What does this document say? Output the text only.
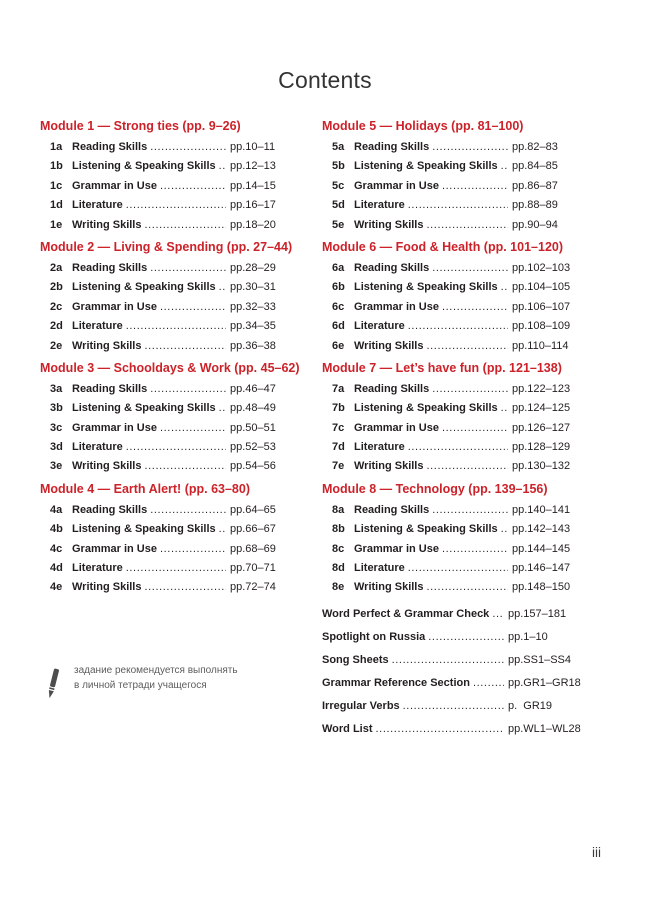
Contents
Module 1 — Strong ties (pp. 9–26)
1a Reading Skills .....	pp.10–11
1b Listening & Speaking Skills ..... pp.12–13
1c Grammar in Use .....	pp.14–15
1d Literature .....	pp.16–17
1e Writing Skills .....	pp.18–20
Module 2 — Living & Spending (pp. 27–44)
2a Reading Skills .....	pp.28–29
2b Listening & Speaking Skills ..... pp.30–31
2c Grammar in Use .....	pp.32–33
2d Literature .....	pp.34–35
2e Writing Skills .....	pp.36–38
Module 3 — Schooldays & Work (pp. 45–62)
3a Reading Skills .....	pp.46–47
3b Listening & Speaking Skills ..... pp.48–49
3c Grammar in Use .....	pp.50–51
3d Literature .....	pp.52–53
3e Writing Skills .....	pp.54–56
Module 4 — Earth Alert! (pp. 63–80)
4a Reading Skills .....	pp.64–65
4b Listening & Speaking Skills ..... pp.66–67
4c Grammar in Use .....	pp.68–69
4d Literature .....	pp.70–71
4e Writing Skills .....	pp.72–74
Module 5 — Holidays (pp. 81–100)
5a Reading Skills .....	pp.82–83
5b Listening & Speaking Skills ..... pp.84–85
5c Grammar in Use .....	pp.86–87
5d Literature .....	pp.88–89
5e Writing Skills .....	pp.90–94
Module 6 — Food & Health (pp. 101–120)
6a Reading Skills .....	pp.102–103
6b Listening & Speaking Skills ..... pp.104–105
6c Grammar in Use .....	pp.106–107
6d Literature .....	pp.108–109
6e Writing Skills .....	pp.110–114
Module 7 — Let’s have fun (pp. 121–138)
7a Reading Skills .....	pp.122–123
7b Listening & Speaking Skills ..... pp.124–125
7c Grammar in Use .....	pp.126–127
7d Literature .....	pp.128–129
7e Writing Skills .....	pp.130–132
Module 8 — Technology (pp. 139–156)
8a Reading Skills .....	pp.140–141
8b Listening & Speaking Skills ..... pp.142–143
8c Grammar in Use .....	pp.144–145
8d Literature .....	pp.146–147
8e Writing Skills .....	pp.148–150
Word Perfect & Grammar Check ..... pp.157–181
Spotlight on Russia .....	pp.1–10
Song Sheets .....	pp.SS1–SS4
Grammar Reference Section .....	pp.GR1–GR18
Irregular Verbs .....	p.  GR19
Word List .....	pp.WL1–WL28
задание рекомендуется выполнять
в личной тетради учащегося
iii
